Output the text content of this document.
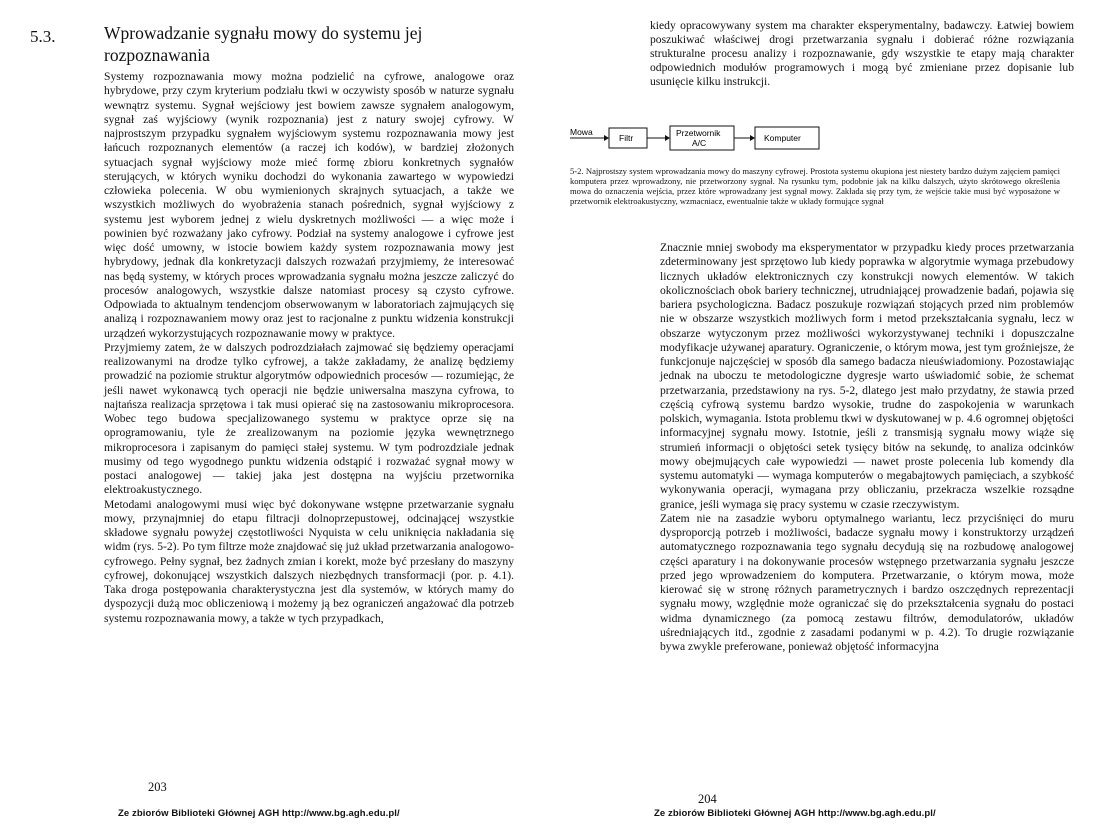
5.3.	Wprowadzanie sygnału mowy do systemu jej rozpoznawania

Systemy rozpoznawania mowy można podzielić na cyfrowe, analogowe oraz hybrydowe, przy czym kryterium podziału tkwi w oczywisty sposób w naturze sygnału wewnątrz systemu. Sygnał wejściowy jest bowiem zawsze sygnałem analogowym, sygnał zaś wyjściowy (wynik rozpoznania) jest z natury swojej cyfrowy. W najprostszym przypadku sygnałem wyjściowym systemu rozpoznawania mowy jest łańcuch rozpoznanych elementów (a raczej ich kodów), w bardziej złożonych sytuacjach sygnał wyjściowy może mieć formę zbioru konkretnych sygnałów sterujących, w których wyniku dochodzi do wykonania zawartego w wypowiedzi człowieka polecenia. W obu wymienionych skrajnych sytuacjach, a także we wszystkich możliwych do wyobrażenia stanach pośrednich, sygnał wyjściowy z systemu jest wyborem jednej z wielu dyskretnych możliwości — a więc może i powinien być rozważany jako cyfrowy. Podział na systemy analogowe i cyfrowe jest więc dość umowny, w istocie bowiem każdy system rozpoznawania mowy jest hybrydowy, jednak dla konkretyzacji dalszych rozważań przyjmiemy, że interesować nas będą systemy, w których proces wprowadzania sygnału można jeszcze zaliczyć do procesów analogowych, wszystkie dalsze natomiast procesy są czysto cyfrowe. Odpowiada to aktualnym tendencjom obserwowanym w laboratoriach zajmujących się analizą i rozpoznawaniem mowy oraz jest to racjonalne z punktu widzenia konstrukcji urządzeń wykorzystujących rozpoznawanie mowy w praktyce.

Przyjmiemy zatem, że w dalszych podrozdziałach zajmować się będziemy operacjami realizowanymi na drodze tylko cyfrowej, a także zakładamy, że analizę będziemy prowadzić na poziomie struktur algorytmów odpowiednich procesów — rozumiejąc, że jeśli nawet wykonawcą tych operacji nie będzie uniwersalna maszyna cyfrowa, to najtańsza realizacja sprzętowa i tak musi opierać się na zastosowaniu mikroprocesora. Wobec tego budowa specjalizowanego systemu w praktyce oprze się na oprogramowaniu, tyle że zrealizowanym na poziomie języka wewnętrznego mikroprocesora i zapisanym do pamięci stałej systemu. W tym podrozdziale jednak musimy od tego wygodnego punktu widzenia odstąpić i rozważać sygnał mowy w postaci analogowej — takiej jaka jest dostępna na wyjściu przetwornika elektroakustycznego.

Metodami analogowymi musi więc być dokonywane wstępne przetwarzanie sygnału mowy, przynajmniej do etapu filtracji dolnoprzepustowej, odcinającej wszystkie składowe sygnału powyżej częstotliwości Nyquista w celu uniknięcia nakładania się widm (rys. 5-2). Po tym filtrze może znajdować się już układ przetwarzania analogowo-cyfrowego. Pełny sygnał, bez żadnych zmian i korekt, może być przesłany do maszyny cyfrowej, dokonującej wszystkich dalszych niezbędnych transformacji (por. p. 4.1). Taka droga postępowania charakterystyczna jest dla systemów, w których mamy do dyspozycji dużą moc obliczeniową i możemy ją bez ograniczeń angażować dla potrzeb systemu rozpoznawania mowy, a także w tych przypadkach,

203
Ze zbiorów Biblioteki Głównej AGH http://www.bg.agh.edu.pl/

kiedy opracowywany system ma charakter eksperymentalny, badawczy. Łatwiej bowiem poszukiwać właściwej drogi przetwarzania sygnału i dobierać różne rozwiązania strukturalne procesu analizy i rozpoznawanie, gdy wszystkie te etapy mają charakter odpowiednich modułów programowych i mogą być zmieniane przez dopisanie lub usunięcie kilku instrukcji.

Mowa
Filtr	Przetwornik
A/C	Komputer
5-2. Najprostszy system wprowadzania mowy do maszyny cyfrowej. Prostota systemu okupiona jest niestety bardzo dużym zajęciem pamięci komputera przez wprowadzony, nie przetworzony sygnał. Na rysunku tym, podobnie jak na kilku dalszych, użyto skrótowego określenia mowa do oznaczenia wejścia, przez które wprowadzany jest sygnał mowy. Zakłada się przy tym, że wejście takie musi być wyposażone w przetwornik elektroakustyczny, wzmacniacz, ewentualnie także w układy formujące sygnał

Znacznie mniej swobody ma eksperymentator w przypadku kiedy proces przetwarzania zdeterminowany jest sprzętowo lub kiedy poprawka w algorytmie wymaga przebudowy licznych układów elektronicznych czy konstrukcji nowych elementów. W takich okolicznościach obok bariery technicznej, utrudniającej prowadzenie badań, pojawia się bariera psychologiczna. Badacz poszukuje rozwiązań stojących przed nim problemów nie w obszarze wszystkich możliwych form i metod przekształcania sygnału, lecz w obszarze wytyczonym przez możliwości wykorzystywanej techniki i dopuszczalne modyfikacje używanej aparatury. Ograniczenie, o którym mowa, jest tym groźniejsze, że funkcjonuje najczęściej w sposób dla samego badacza nieuświadomiony. Pozostawiając jednak na uboczu te metodologiczne dygresje warto uświadomić sobie, że schemat przetwarzania, przedstawiony na rys. 5-2, dlatego jest mało przydatny, że stawia przed częścią cyfrową systemu bardzo wysokie, trudne do zaspokojenia w warunkach polskich, wymagania. Istota problemu tkwi w dyskutowanej w p. 4.6 ogromnej objętości informacyjnej sygnału mowy. Istotnie, jeśli z transmisją sygnału mowy wiąże się strumień informacji o objętości setek tysięcy bitów na sekundę, to analiza odcinków mowy obejmujących całe wypowiedzi — nawet proste polecenia lub komendy dla systemu automatyki — wymaga komputerów o megabajtowych pamięciach, a szybkość wykonywania operacji, wymagana przy obliczaniu, przekracza wszelkie rozsądne granice, jeśli wymaga się pracy systemu w czasie rzeczywistym.

Zatem nie na zasadzie wyboru optymalnego wariantu, lecz przyciśnięci do muru dysproporcją potrzeb i możliwości, badacze sygnału mowy i konstruktorzy urządzeń automatycznego rozpoznawania tego sygnału decydują się na rozbudowę analogowej części aparatury i na dokonywanie procesów wstępnego przetwarzania sygnału jeszcze przed jego wprowadzeniem do komputera. Przetwarzanie, o którym mowa, może kierować się w stronę różnych parametrycznych i bardzo oszczędnych reprezentacji sygnału mowy, względnie może ograniczać się do przekształcenia sygnału do postaci widma dynamicznego (za pomocą zestawu filtrów, demodulatorów, układów uśredniających itd., zgodnie z zasadami podanymi w p. 4.2). To drugie rozwiązanie bywa zwykle preferowane, ponieważ objętość informacyjna

204
Ze zbiorów Biblioteki Głównej AGH http://www.bg.agh.edu.pl/
